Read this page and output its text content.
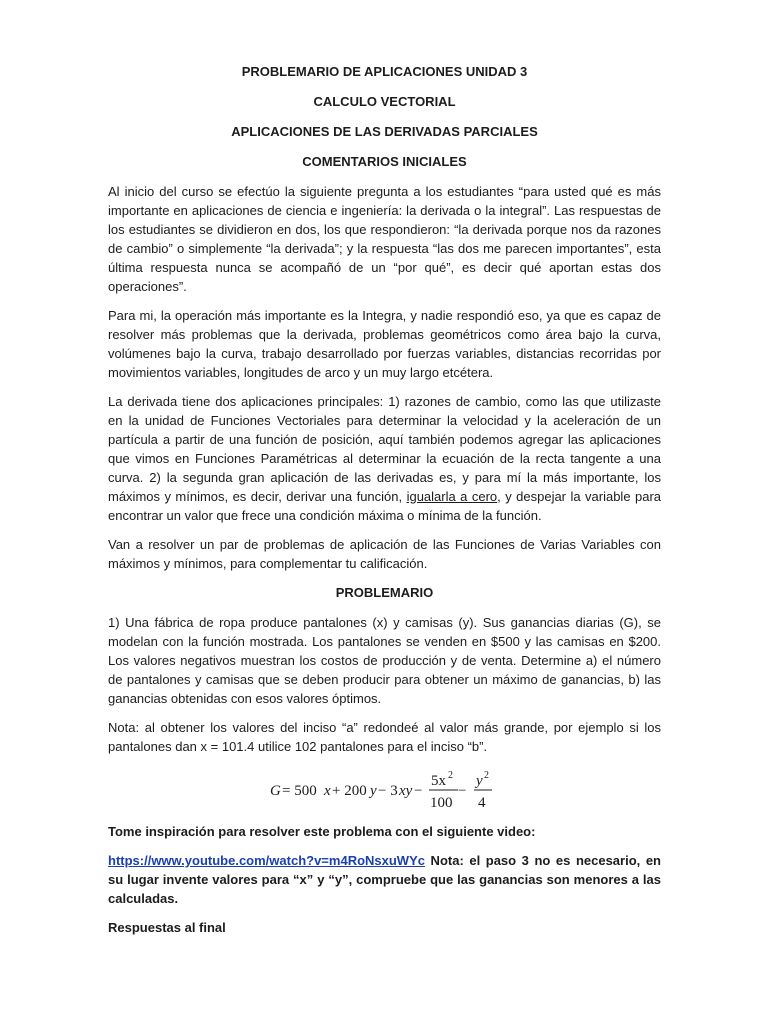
PROBLEMARIO DE APLICACIONES UNIDAD 3
CALCULO VECTORIAL
APLICACIONES DE LAS DERIVADAS PARCIALES
COMENTARIOS INICIALES

Al inicio del curso se efectúo la siguiente pregunta a los estudiantes “para usted qué es más importante en aplicaciones de ciencia e ingeniería: la derivada o la integral”. Las respuestas de los estudiantes se dividieron en dos, los que respondieron: “la derivada porque nos da razones de cambio” o simplemente “la derivada”; y la respuesta “las dos me parecen importantes”, esta última respuesta nunca se acompañó de un “por qué”, es decir qué aportan estas dos operaciones”.

Para mi, la operación más importante es la Integra, y nadie respondió eso, ya que es capaz de resolver más problemas que la derivada, problemas geométricos como área bajo la curva, volúmenes bajo la curva, trabajo desarrollado por fuerzas variables, distancias recorridas por movimientos variables, longitudes de arco y un muy largo etcétera.

La derivada tiene dos aplicaciones principales: 1) razones de cambio, como las que utilizaste en la unidad de Funciones Vectoriales para determinar la velocidad y la aceleración de un partícula a partir de una función de posición, aquí también podemos agregar las aplicaciones que vimos en Funciones Paramétricas al determinar la ecuación de la recta tangente a una curva. 2) la segunda gran aplicación de las derivadas es, y para mí la más importante, los máximos y mínimos, es decir, derivar una función, igualarla a cero, y despejar la variable para encontrar un valor que frece una condición máxima o mínima de la función.

Van a resolver un par de problemas de aplicación de las Funciones de Varias Variables con máximos y mínimos, para complementar tu calificación.

PROBLEMARIO

1) Una fábrica de ropa produce pantalones (x) y camisas (y). Sus ganancias diarias (G), se modelan con la función mostrada. Los pantalones se venden en $500 y las camisas en $200. Los valores negativos muestran los costos de producción y de venta. Determine a) el número de pantalones y camisas que se deben producir para obtener un máximo de ganancias, b) las ganancias obtenidas con esos valores óptimos.

Nota: al obtener los valores del inciso “a” redondeé al valor más grande, por ejemplo si los pantalones dan x = 101.4 utilice 102 pantalones para el inciso “b”.

G = 500 x + 200 y − 3 xy −
5x 2
100
−
y 2
4

Tome inspiración para resolver este problema con el siguiente video:

https://www.youtube.com/watch?v=m4RoNsxuWYc Nota: el paso 3 no es necesario, en su lugar invente valores para “x” y “y”, compruebe que las ganancias son menores a las calculadas.

Respuestas al final
